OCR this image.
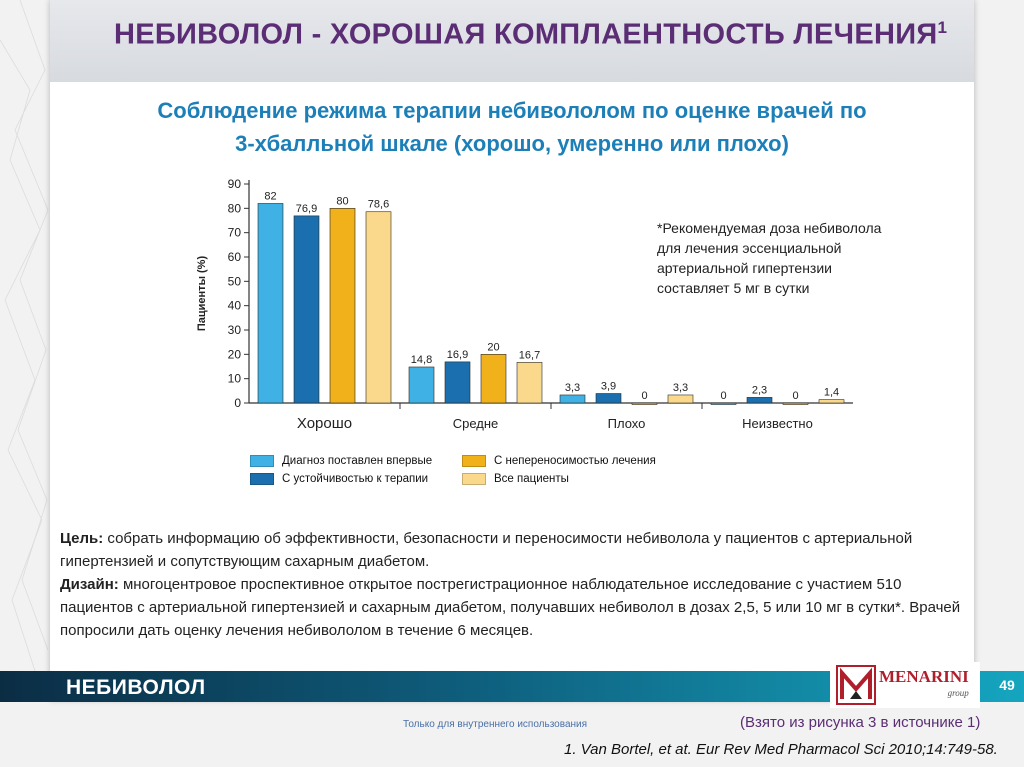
НЕБИВОЛОЛ - ХОРОШАЯ КОМПЛАЕНТНОСТЬ ЛЕЧЕНИЯ$^1$
Соблюдение режима терапии небивололом по оценке врачей по
3-хбалльной шкале (хорошо, умеренно или плохо)
0
10
20
30
40
50
60
70
80
90
Пациенты (%)
82
76,9
80 78,6
Хорошо
14,8 16,9
20
16,7
Средне
3,3 3,9
0
3,3
Плохо
0 2,3 0 1,4
Неизвестно
*Рекомендуемая доза небиволола
для лечения эссенциальной
артериальной гипертензии
составляет 5 мг в сутки
Диагноз поставлен впервые	С непереносимостью лечения
С устойчивостью к терапии	Все пациенты

Цель: собрать информацию об эффективности, безопасности и переносимости небиволола у пациентов с артериальной гипертензией и сопутствующим сахарным диабетом.

Дизайн: многоцентровое проспективное открытое пострегистрационное наблюдательное исследование с участием 510 пациентов с артериальной гипертензией и сахарным диабетом, получавших небиволол в дозах 2,5, 5 или 10 мг в сутки*. Врачей попросили дать оценку лечения небивололом в течение 6 месяцев.

НЕБИВОЛОЛ	MENARINI
group	49
Только для внутреннего использования	(Взято из рисунка 3 в источнике 1)
1. Van Bortel, et at. Eur Rev Med Pharmacol Sci 2010;14:749-58.
